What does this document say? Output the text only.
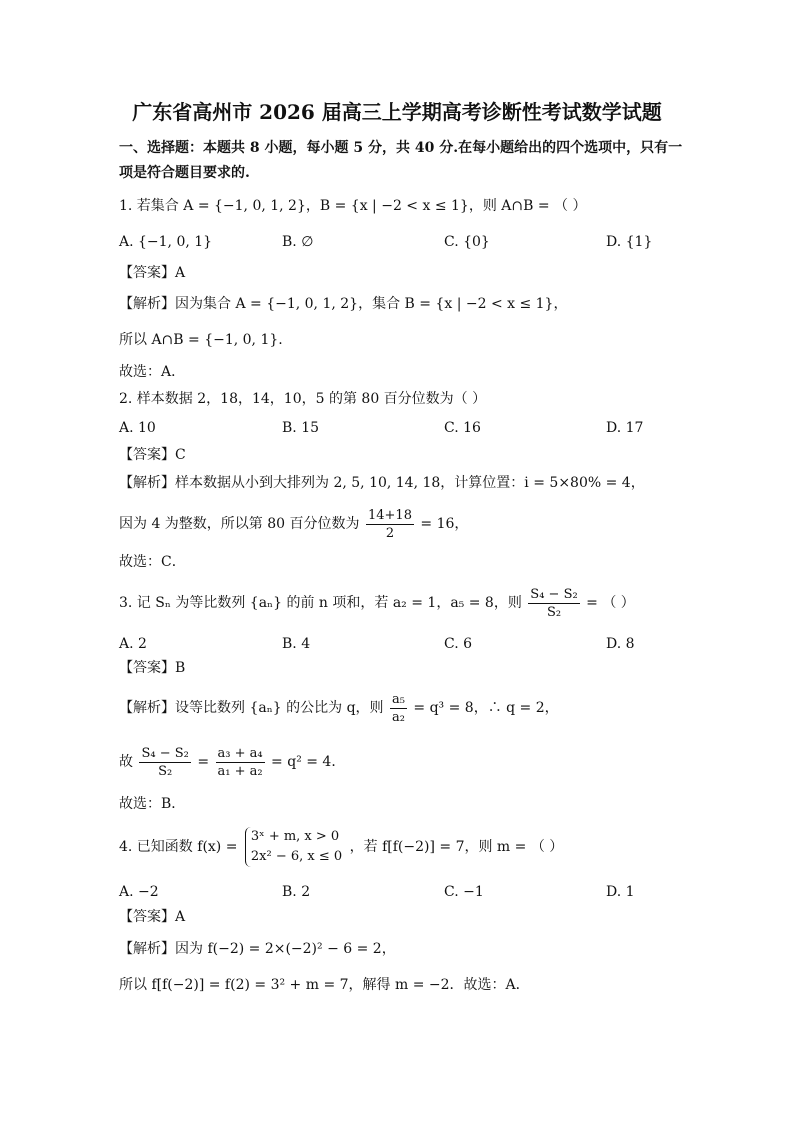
广东省高州市 2026 届高三上学期高考诊断性考试数学试题
一、选择题：本题共 8 小题，每小题 5 分，共 40 分.在每小题给出的四个选项中，只有一
项是符合题目要求的.
1. 若集合 A = {−1, 0, 1, 2}，B = {x | −2 < x ≤ 1}，则 A∩B = （ ）
A. {−1, 0, 1}	B. ∅	C. {0}	D. {1}
【答案】A
【解析】因为集合 A = {−1, 0, 1, 2}，集合 B = {x | −2 < x ≤ 1}，
所以 A∩B = {−1, 0, 1}.
故选：A．
2. 样本数据 2，18，14，10，5 的第 80 百分位数为（ ）
A. 10	B. 15	C. 16	D. 17
【答案】C
【解析】样本数据从小到大排列为 2, 5, 10, 14, 18，计算位置：i = 5×80% = 4，
因为 4 为整数，所以第 80 百分位数为 $\frac{14+18}{2} = 16$，
故选：C．
3. 记 Sₙ 为等比数列 {aₙ} 的前 n 项和，若 a₂ = 1，a₅ = 8，则 $\frac{\text{S₄ − S₂}}{\text{S₂}}$ = （ ）
A. 2	B. 4	C. 6	D. 8
【答案】B
【解析】设等比数列 {aₙ} 的公比为 q，则 $\frac{\text{a₅}}{\text{a₂}} = q^3 = 8$，∴ q = 2，
故 $\frac{\text{S₄ − S₂}}{\text{S₂}} = \frac{\text{a₃ + a₄}}{\text{a₁ + a₂}} = q^2 = 4$．
故选：B．
4. 已知函数 f(x) =
3ˣ + m, x > 0
2x² − 6, x ≤ 0
，若 f[f(−2)] = 7，则 m = （ ）
A. −2	B. 2	C. −1	D. 1
【答案】A
【解析】因为 f(−2) = 2×(−2)² − 6 = 2，
所以 f[f(−2)] = f(2) = 3² + m = 7，解得 m = −2．故选：A．
